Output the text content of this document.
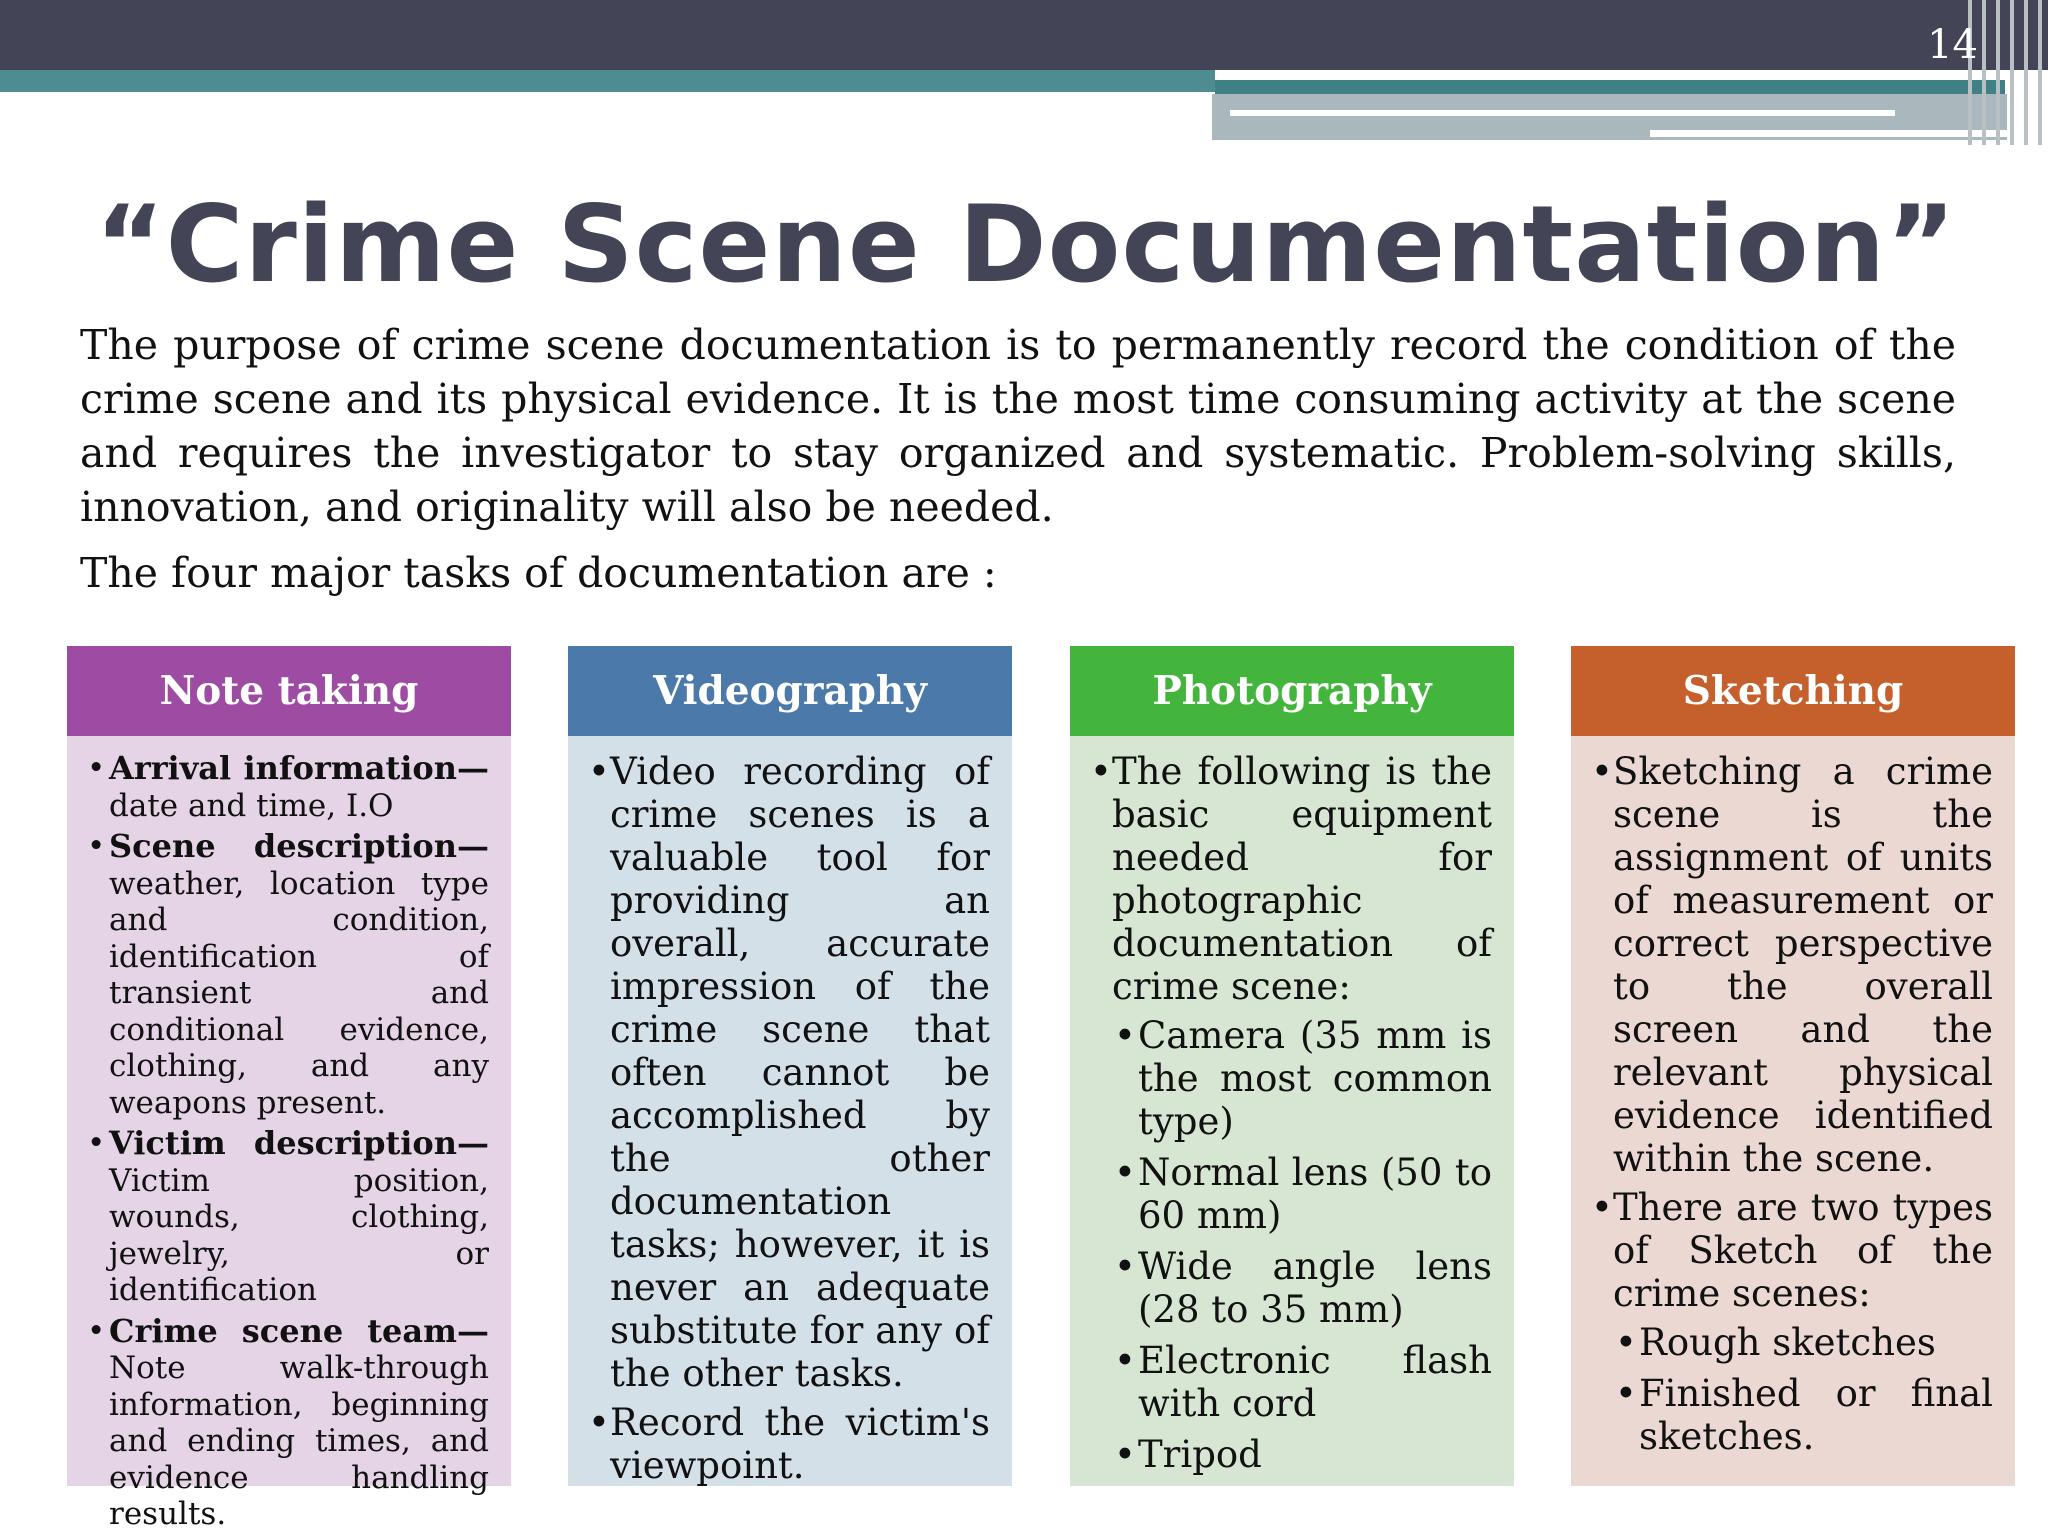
14
“Crime Scene Documentation”
The purpose of crime scene documentation is to permanently record the condition of the crime scene and its physical evidence. It is the most time consuming activity at the scene and requires the investigator to stay organized and systematic. Problem-solving skills, innovation, and originality will also be needed.
The four major tasks of documentation are :
Note taking
• Arrival information— date and time, I.O
• Scene description— weather, location type and condition, identification of transient and conditional evidence, clothing, and any weapons present.
• Victim description— Victim position, wounds, clothing, jewelry, or identification
• Crime scene team— Note walk-through information, beginning and ending times, and evidence handling results.
Videography
• Video recording of crime scenes is a valuable tool for providing an overall, accurate impression of the crime scene that often cannot be accomplished by the other documentation tasks; however, it is never an adequate substitute for any of the other tasks.
• Record the victim's viewpoint.
Photography
• The following is the basic equipment needed for photographic documentation of crime scene:
• Camera (35 mm is the most common type)
• Normal lens (50 to 60 mm)
• Wide angle lens (28 to 35 mm)
• Electronic flash with cord
• Tripod
Sketching
• Sketching a crime scene is the assignment of units of measurement or correct perspective to the overall screen and the relevant physical evidence identified within the scene.
• There are two types of Sketch of the crime scenes:
• Rough sketches
• Finished or final sketches.
